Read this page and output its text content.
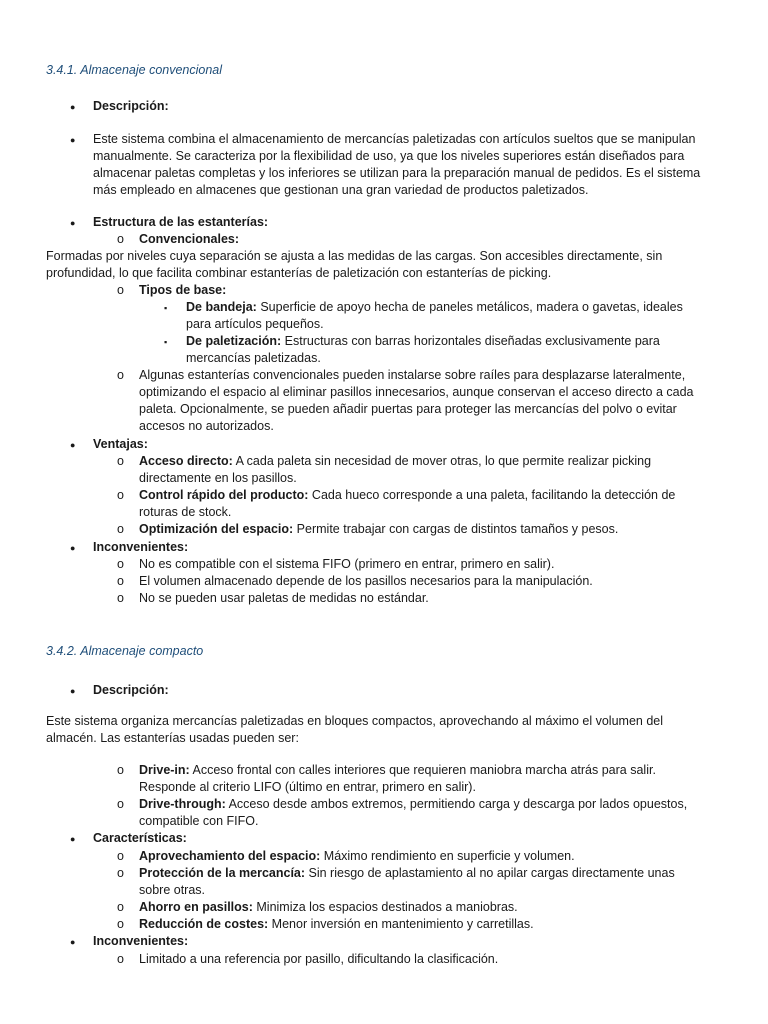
3.4.1. Almacenaje convencional
● Descripción:
● Este sistema combina el almacenamiento de mercancías paletizadas con artículos sueltos que se manipulan
manualmente. Se caracteriza por la flexibilidad de uso, ya que los niveles superiores están diseñados para
almacenar paletas completas y los inferiores se utilizan para la preparación manual de pedidos. Es el sistema
más empleado en almacenes que gestionan una gran variedad de productos paletizados.
● Estructura de las estanterías:
o Convencionales:
Formadas por niveles cuya separación se ajusta a las medidas de las cargas. Son accesibles directamente, sin
profundidad, lo que facilita combinar estanterías de paletización con estanterías de picking.
o Tipos de base:
▪ De bandeja: Superficie de apoyo hecha de paneles metálicos, madera o gavetas, ideales
para artículos pequeños.
▪ De paletización: Estructuras con barras horizontales diseñadas exclusivamente para
mercancías paletizadas.
o Algunas estanterías convencionales pueden instalarse sobre raíles para desplazarse lateralmente,
optimizando el espacio al eliminar pasillos innecesarios, aunque conservan el acceso directo a cada
paleta. Opcionalmente, se pueden añadir puertas para proteger las mercancías del polvo o evitar
accesos no autorizados.
● Ventajas:
o Acceso directo: A cada paleta sin necesidad de mover otras, lo que permite realizar picking
directamente en los pasillos.
o Control rápido del producto: Cada hueco corresponde a una paleta, facilitando la detección de
roturas de stock.
o Optimización del espacio: Permite trabajar con cargas de distintos tamaños y pesos.
● Inconvenientes:
o No es compatible con el sistema FIFO (primero en entrar, primero en salir).
o El volumen almacenado depende de los pasillos necesarios para la manipulación.
o No se pueden usar paletas de medidas no estándar.
3.4.2. Almacenaje compacto
● Descripción:
Este sistema organiza mercancías paletizadas en bloques compactos, aprovechando al máximo el volumen del
almacén. Las estanterías usadas pueden ser:
o Drive-in: Acceso frontal con calles interiores que requieren maniobra marcha atrás para salir.
Responde al criterio LIFO (último en entrar, primero en salir).
o Drive-through: Acceso desde ambos extremos, permitiendo carga y descarga por lados opuestos,
compatible con FIFO.
● Características:
o Aprovechamiento del espacio: Máximo rendimiento en superficie y volumen.
o Protección de la mercancía: Sin riesgo de aplastamiento al no apilar cargas directamente unas
sobre otras.
o Ahorro en pasillos: Minimiza los espacios destinados a maniobras.
o Reducción de costes: Menor inversión en mantenimiento y carretillas.
● Inconvenientes:
o Limitado a una referencia por pasillo, dificultando la clasificación.
